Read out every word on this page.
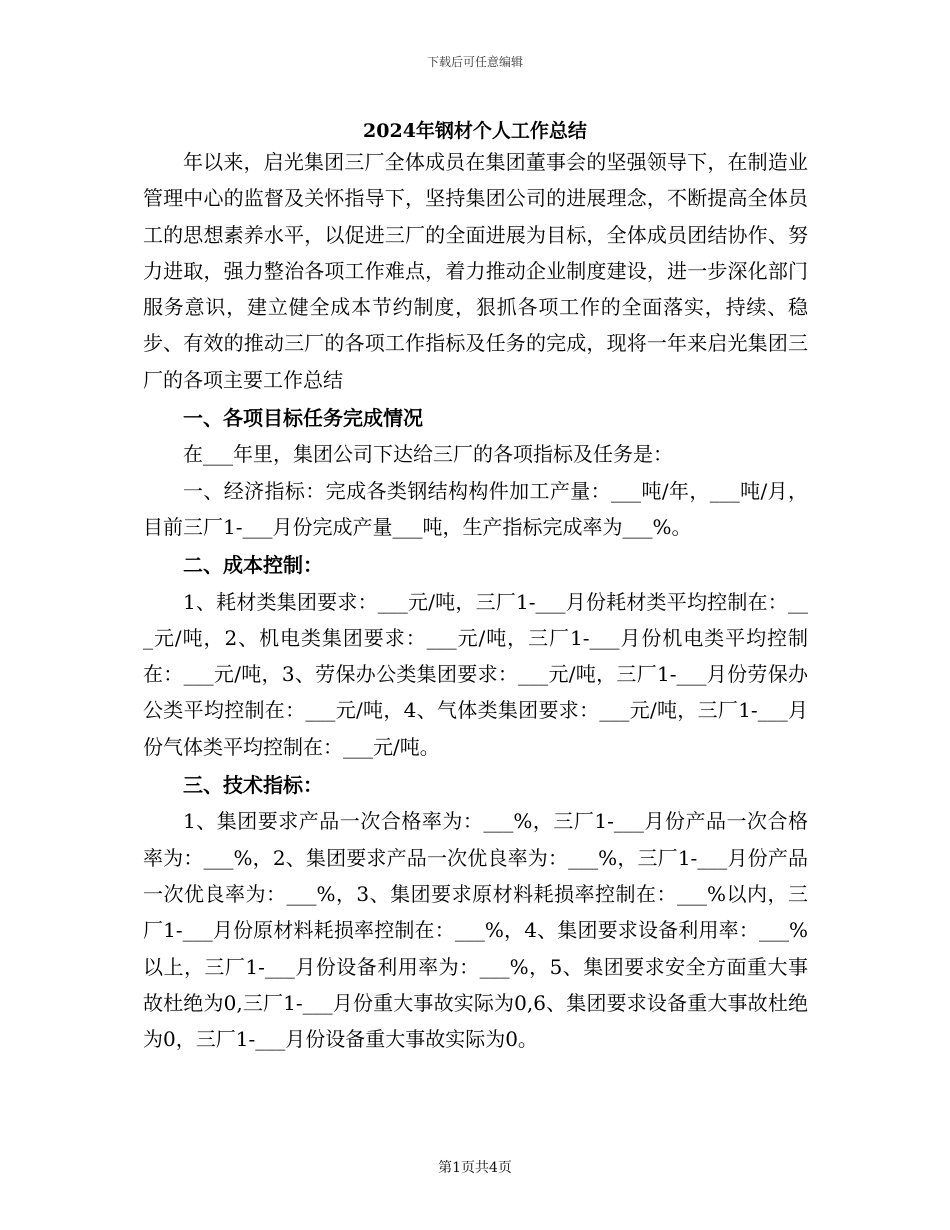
下载后可任意编辑
2024年钢材个人工作总结

年以来，启光集团三厂全体成员在集团董事会的坚强领导下，在制造业管理中心的监督及关怀指导下，坚持集团公司的进展理念，不断提高全体员工的思想素养水平，以促进三厂的全面进展为目标，全体成员团结协作、努力进取，强力整治各项工作难点，着力推动企业制度建设，进一步深化部门服务意识，建立健全成本节约制度，狠抓各项工作的全面落实，持续、稳步、有效的推动三厂的各项工作指标及任务的完成，现将一年来启光集团三厂的各项主要工作总结

一、各项目标任务完成情况

在___年里，集团公司下达给三厂的各项指标及任务是：

一、经济指标：完成各类钢结构构件加工产量：___吨/年，___吨/月，目前三厂1-___月份完成产量___吨，生产指标完成率为___%。

二、成本控制：

1、耗材类集团要求：___元/吨，三厂1-___月份耗材类平均控制在：___元/吨，2、机电类集团要求：___元/吨，三厂1-___月份机电类平均控制在：___元/吨，3、劳保办公类集团要求：___元/吨，三厂1-___月份劳保办公类平均控制在：___元/吨，4、气体类集团要求：___元/吨，三厂1-___月份气体类平均控制在：___元/吨。

三、技术指标：

1、集团要求产品一次合格率为：___%，三厂1-___月份产品一次合格率为：___%，2、集团要求产品一次优良率为：___%，三厂1-___月份产品一次优良率为：___%，3、集团要求原材料耗损率控制在：___%以内，三厂1-___月份原材料耗损率控制在：___%，4、集团要求设备利用率：___%以上，三厂1-___月份设备利用率为：___%，5、集团要求安全方面重大事故杜绝为0,三厂1-___月份重大事故实际为0,6、集团要求设备重大事故杜绝为0，三厂1-___月份设备重大事故实际为0。

第1页共4页
